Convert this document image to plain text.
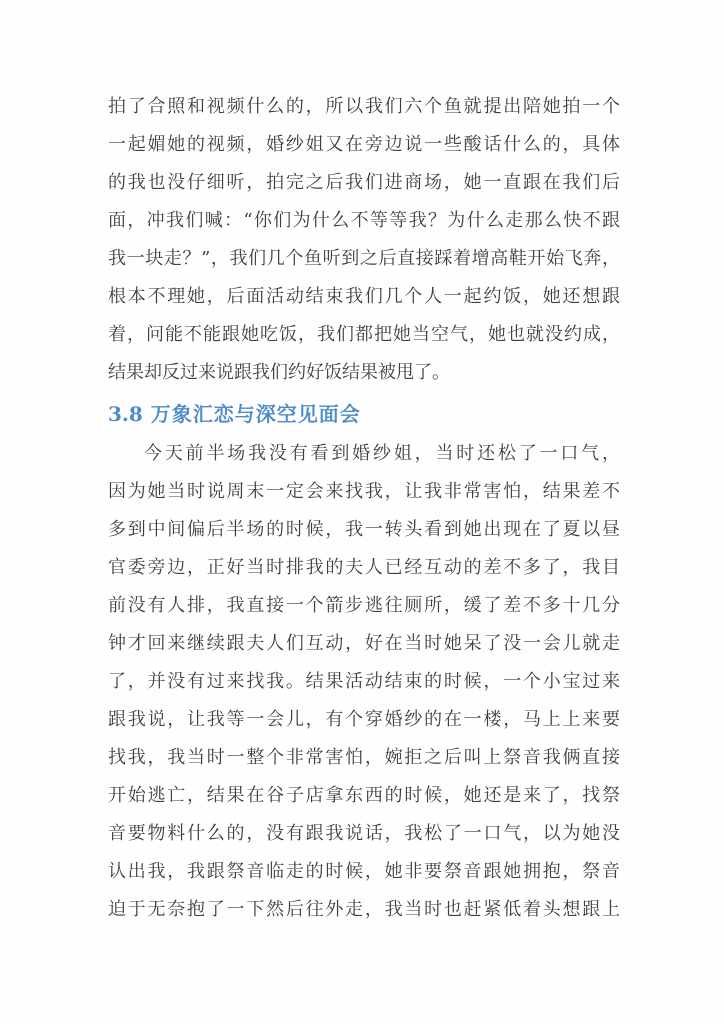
拍了合照和视频什么的，所以我们六个鱼就提出陪她拍一个
一起媚她的视频，婚纱姐又在旁边说一些酸话什么的，具体
的我也没仔细听，拍完之后我们进商场，她一直跟在我们后
面，冲我们喊：“你们为什么不等等我？为什么走那么快不跟
我一块走？”，我们几个鱼听到之后直接踩着增高鞋开始飞奔，
根本不理她，后面活动结束我们几个人一起约饭，她还想跟
着，问能不能跟她吃饭，我们都把她当空气，她也就没约成，
结果却反过来说跟我们约好饭结果被甩了。

3.8 万象汇恋与深空见面会

今天前半场我没有看到婚纱姐，当时还松了一口气，
因为她当时说周末一定会来找我，让我非常害怕，结果差不
多到中间偏后半场的时候，我一转头看到她出现在了夏以昼
官委旁边，正好当时排我的夫人已经互动的差不多了，我目
前没有人排，我直接一个箭步逃往厕所，缓了差不多十几分
钟才回来继续跟夫人们互动，好在当时她呆了没一会儿就走
了，并没有过来找我。结果活动结束的时候，一个小宝过来
跟我说，让我等一会儿，有个穿婚纱的在一楼，马上上来要
找我，我当时一整个非常害怕，婉拒之后叫上祭音我俩直接
开始逃亡，结果在谷子店拿东西的时候，她还是来了，找祭
音要物料什么的，没有跟我说话，我松了一口气，以为她没
认出我，我跟祭音临走的时候，她非要祭音跟她拥抱，祭音
迫于无奈抱了一下然后往外走，我当时也赶紧低着头想跟上
